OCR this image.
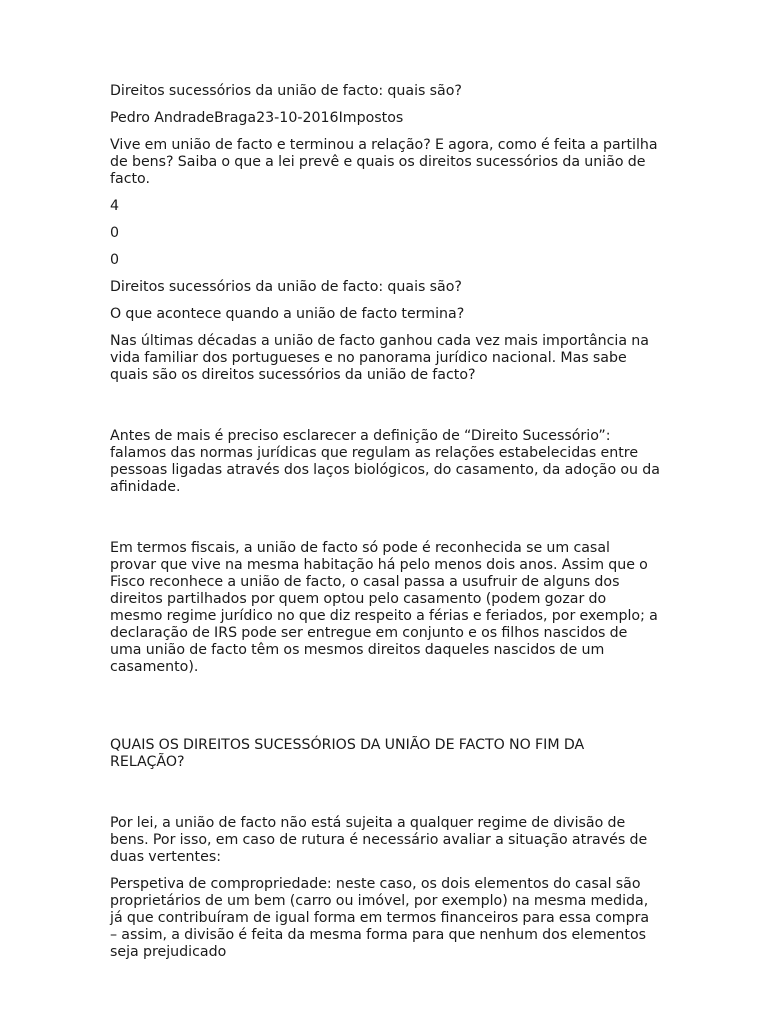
Direitos sucessórios da união de facto: quais são?

Pedro AndradeBraga23-10-2016Impostos

Vive em união de facto e terminou a relação? E agora, como é feita a partilha de bens? Saiba o que a lei prevê e quais os direitos sucessórios da união de facto.

4

0

0

Direitos sucessórios da união de facto: quais são?

O que acontece quando a união de facto termina?

Nas últimas décadas a união de facto ganhou cada vez mais importância na vida familiar dos portugueses e no panorama jurídico nacional. Mas sabe quais são os direitos sucessórios da união de facto?

Antes de mais é preciso esclarecer a definição de “Direito Sucessório”: falamos das normas jurídicas que regulam as relações estabelecidas entre pessoas ligadas através dos laços biológicos, do casamento, da adoção ou da afinidade.

Em termos fiscais, a união de facto só pode é reconhecida se um casal provar que vive na mesma habitação há pelo menos dois anos. Assim que o Fisco reconhece a união de facto, o casal passa a usufruir de alguns dos direitos partilhados por quem optou pelo casamento (podem gozar do mesmo regime jurídico no que diz respeito a férias e feriados, por exemplo; a declaração de IRS pode ser entregue em conjunto e os filhos nascidos de uma união de facto têm os mesmos direitos daqueles nascidos de um casamento).

QUAIS OS DIREITOS SUCESSÓRIOS DA UNIÃO DE FACTO NO FIM DA RELAÇÃO?

Por lei, a união de facto não está sujeita a qualquer regime de divisão de bens. Por isso, em caso de rutura é necessário avaliar a situação através de duas vertentes:

Perspetiva de compropriedade: neste caso, os dois elementos do casal são proprietários de um bem (carro ou imóvel, por exemplo) na mesma medida, já que contribuíram de igual forma em termos financeiros para essa compra – assim, a divisão é feita da mesma forma para que nenhum dos elementos seja prejudicado
